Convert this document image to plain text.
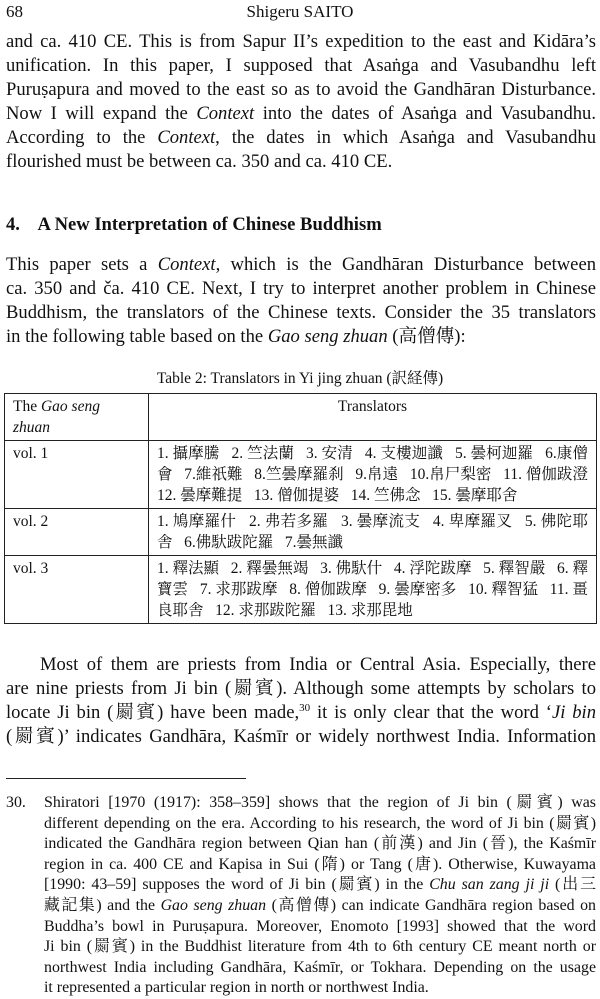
68	Shigeru SAITO
and ca. 410 CE. This is from Sapur II’s expedition to the east and Kidāra’s
unification. In this paper, I supposed that Asaṅga and Vasubandhu left
Puruṣapura and moved to the east so as to avoid the Gandhāran Disturbance.
Now I will expand the Context into the dates of Asaṅga and Vasubandhu.
According to the Context, the dates in which Asaṅga and Vasubandhu
flourished must be between ca. 350 and ca. 410 CE.
4.    A New Interpretation of Chinese Buddhism
This paper sets a Context, which is the Gandhāran Disturbance between
ca. 350 and ča. 410 CE. Next, I try to interpret another problem in Chinese
Buddhism, the translators of the Chinese texts. Consider the 35 translators
in the following table based on the Gao seng zhuan (高僧傳):
Table 2: Translators in Yi jing zhuan (訳経傳)
The Gao seng zhuan	Translators
vol. 1	1. 攝摩騰   2. 竺法蘭   3. 安清   4. 支樓迦讖   5. 曇柯迦羅   6.康僧會   7.維祇難   8.竺曇摩羅刹   9.帛遠   10.帛尸梨密   11. 僧伽跋澄   12. 曇摩難提   13. 僧伽提婆   14. 竺佛念   15. 曇摩耶舍
vol. 2	1. 鳩摩羅什   2. 弗若多羅   3. 曇摩流支   4. 卑摩羅叉   5. 佛陀耶舎   6.佛馱跋陀羅   7.曇無讖
vol. 3	1. 釋法顯   2. 釋曇無竭   3. 佛馱什   4. 浮陀跋摩   5. 釋智嚴   6. 釋寶雲   7. 求那跋摩   8. 僧伽跋摩   9. 曇摩密多   10. 釋智猛   11. 畺良耶舎   12. 求那跋陀羅   13. 求那毘地
Most of them are priests from India or Central Asia. Especially, there
are nine priests from Ji bin (罽賓). Although some attempts by scholars to
locate Ji bin (罽賓) have been made,$^{30}$ it is only clear that the word ‘Ji bin
(罽賓)’ indicates Gandhāra, Kaśmīr or widely northwest India. Information
30. Shiratori [1970 (1917): 358–359] shows that the region of Ji bin (罽賓) was
different depending on the era. According to his research, the word of Ji bin (罽賓)
indicated the Gandhāra region between Qian han (前漢) and Jin (晉), the Kaśmīr
region in ca. 400 CE and Kapisa in Sui (隋) or Tang (唐). Otherwise, Kuwayama
[1990: 43–59] supposes the word of Ji bin (罽賓) in the Chu san zang ji ji (出三
藏記集) and the Gao seng zhuan (高僧傳) can indicate Gandhāra region based on
Buddha’s bowl in Puruṣapura. Moreover, Enomoto [1993] showed that the word
Ji bin (罽賓) in the Buddhist literature from 4th to 6th century CE meant north or
northwest India including Gandhāra, Kaśmīr, or Tokhara. Depending on the usage
it represented a particular region in north or northwest India.
